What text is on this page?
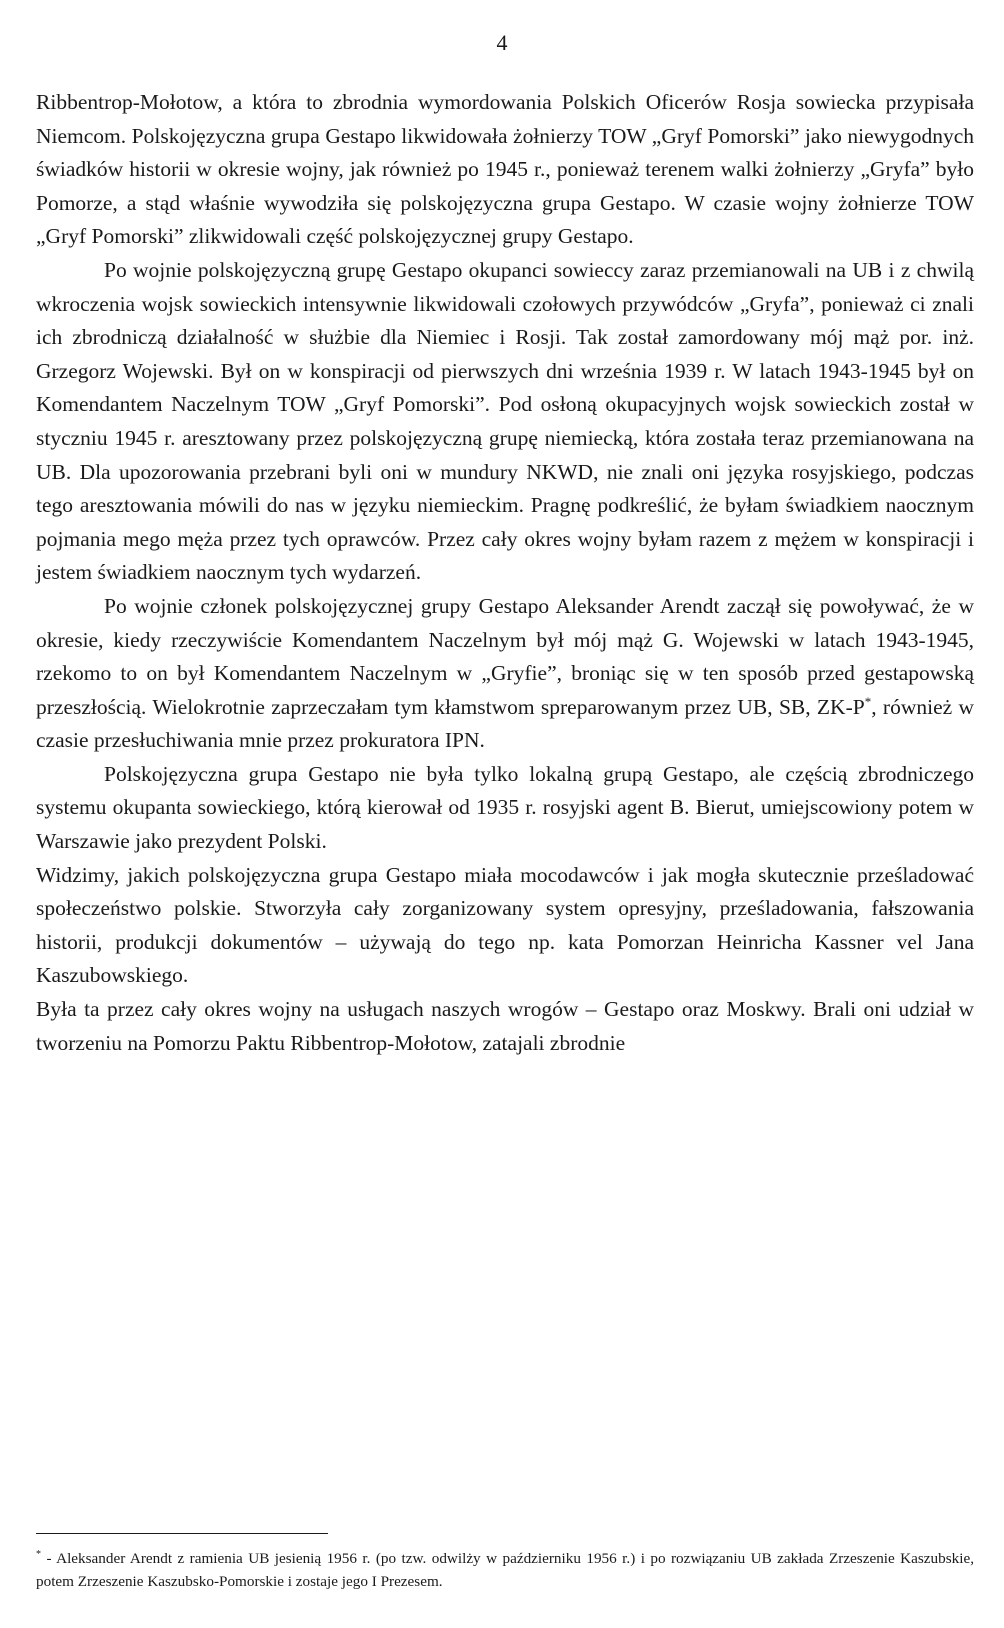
4

Ribbentrop-Mołotow, a która to zbrodnia wymordowania Polskich Oficerów Rosja sowiecka przypisała Niemcom. Polskojęzyczna grupa Gestapo likwidowała żołnierzy TOW „Gryf Pomorski” jako niewygodnych świadków historii w okresie wojny, jak również po 1945 r., ponieważ terenem walki żołnierzy „Gryfa” było Pomorze, a stąd właśnie wywodziła się polskojęzyczna grupa Gestapo. W czasie wojny żołnierze TOW „Gryf Pomorski” zlikwidowali część polskojęzycznej grupy Gestapo.

Po wojnie polskojęzyczną grupę Gestapo okupanci sowieccy zaraz przemianowali na UB i z chwilą wkroczenia wojsk sowieckich intensywnie likwidowali czołowych przywódców „Gryfa”, ponieważ ci znali ich zbrodniczą działalność w służbie dla Niemiec i Rosji. Tak został zamordowany mój mąż por. inż. Grzegorz Wojewski. Był on w konspiracji od pierwszych dni września 1939 r. W latach 1943-1945 był on Komendantem Naczelnym TOW „Gryf Pomorski”. Pod osłoną okupacyjnych wojsk sowieckich został w styczniu 1945 r. aresztowany przez polskojęzyczną grupę niemiecką, która została teraz przemianowana na UB. Dla upozorowania przebrani byli oni w mundury NKWD, nie znali oni języka rosyjskiego, podczas tego aresztowania mówili do nas w języku niemieckim. Pragnę podkreślić, że byłam świadkiem naocznym pojmania mego męża przez tych oprawców. Przez cały okres wojny byłam razem z mężem w konspiracji i jestem świadkiem naocznym tych wydarzeń.

Po wojnie członek polskojęzycznej grupy Gestapo Aleksander Arendt zaczął się powoływać, że w okresie, kiedy rzeczywiście Komendantem Naczelnym był mój mąż G. Wojewski w latach 1943-1945, rzekomo to on był Komendantem Naczelnym w „Gryfie”, broniąc się w ten sposób przed gestapowską przeszłością. Wielokrotnie zaprzeczałam tym kłamstwom spreparowanym przez UB, SB, ZK-P*, również w czasie przesłuchiwania mnie przez prokuratora IPN.

Polskojęzyczna grupa Gestapo nie była tylko lokalną grupą Gestapo, ale częścią zbrodniczego systemu okupanta sowieckiego, którą kierował od 1935 r. rosyjski agent B. Bierut, umiejscowiony potem w Warszawie jako prezydent Polski.

Widzimy, jakich polskojęzyczna grupa Gestapo miała mocodawców i jak mogła skutecznie prześladować społeczeństwo polskie. Stworzyła cały zorganizowany system opresyjny, prześladowania, fałszowania historii, produkcji dokumentów – używają do tego np. kata Pomorzan Heinricha Kassner vel Jana Kaszubowskiego.

Była ta przez cały okres wojny na usługach naszych wrogów – Gestapo oraz Moskwy. Brali oni udział w tworzeniu na Pomorzu Paktu Ribbentrop-Mołotow, zatajali zbrodnie

* - Aleksander Arendt z ramienia UB jesienią 1956 r. (po tzw. odwilży w październiku 1956 r.) i po rozwiązaniu UB zakłada Zrzeszenie Kaszubskie, potem Zrzeszenie Kaszubsko-Pomorskie i zostaje jego I Prezesem.
